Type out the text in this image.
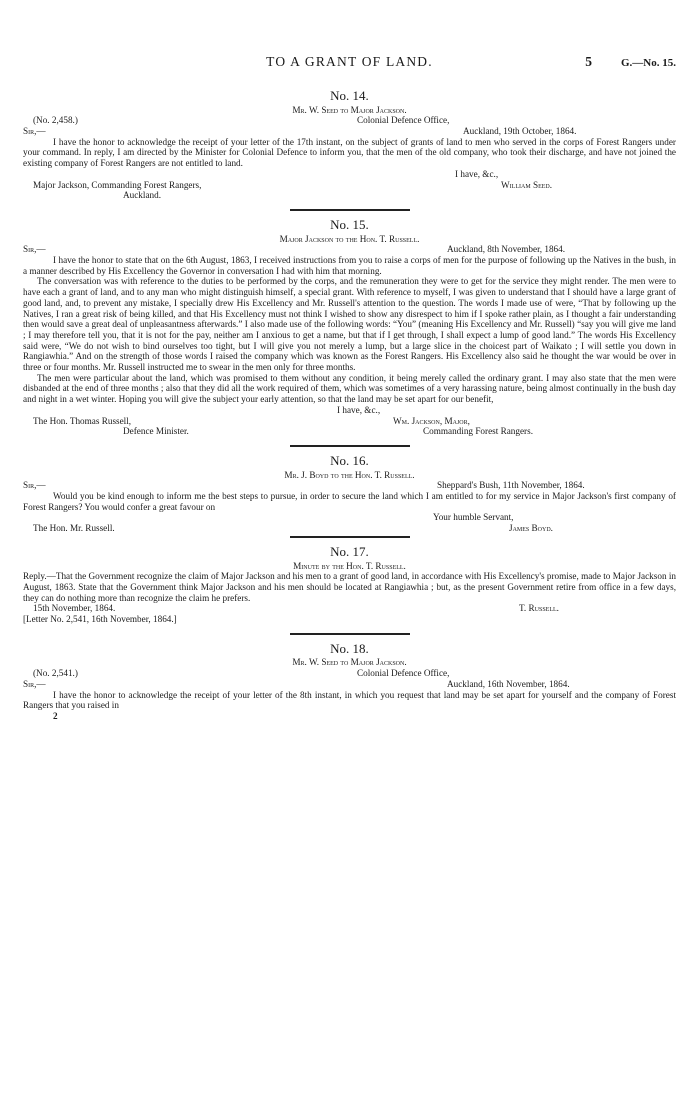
TO A GRANT OF LAND.	5	G.—No. 15.
No. 14.
Mr. W. Seed to Major Jackson.
(No. 2,458.)	Colonial Defence Office,
Sir,—	Auckland, 19th October, 1864.

I have the honor to acknowledge the receipt of your letter of the 17th instant, on the subject of grants of land to men who served in the corps of Forest Rangers under your command. In reply, I am directed by the Minister for Colonial Defence to inform you, that the men of the old company, who took their discharge, and have not joined the existing company of Forest Rangers are not entitled to land.

I have, &c.,
Major Jackson, Commanding Forest Rangers,	William Seed.
Auckland.
No. 15.
Major Jackson to the Hon. T. Russell.
Sir,—	Auckland, 8th November, 1864.

I have the honor to state that on the 6th August, 1863, I received instructions from you to raise a corps of men for the purpose of following up the Natives in the bush, in a manner described by His Excellency the Governor in conversation I had with him that morning.

The conversation was with reference to the duties to be performed by the corps, and the remuneration they were to get for the service they might render. The men were to have each a grant of land, and to any man who might distinguish himself, a special grant. With reference to myself, I was given to understand that I should have a large grant of good land, and, to prevent any mistake, I specially drew His Excellency and Mr. Russell's attention to the question. The words I made use of were, “That by following up the Natives, I ran a great risk of being killed, and that His Excellency must not think I wished to show any disrespect to him if I spoke rather plain, as I thought a fair understanding then would save a great deal of unpleasantness afterwards.” I also made use of the following words: “You” (meaning His Excellency and Mr. Russell) “say you will give me land ; I may therefore tell you, that it is not for the pay, neither am I anxious to get a name, but that if I get through, I shall expect a lump of good land.” The words His Excellency said were, “We do not wish to bind ourselves too tight, but I will give you not merely a lump, but a large slice in the choicest part of Waikato ; I will settle you down in Rangiawhia.” And on the strength of those words I raised the company which was known as the Forest Rangers. His Excellency also said he thought the war would be over in three or four months. Mr. Russell instructed me to swear in the men only for three months.

The men were particular about the land, which was promised to them without any condition, it being merely called the ordinary grant. I may also state that the men were disbanded at the end of three months ; also that they did all the work required of them, which was sometimes of a very harassing nature, being almost continually in the bush day and night in a wet winter. Hoping you will give the subject your early attention, so that the land may be set apart for our benefit,

I have, &c.,
The Hon. Thomas Russell,	Wm. Jackson, Major,
Defence Minister.	Commanding Forest Rangers.
No. 16.
Mr. J. Boyd to the Hon. T. Russell.
Sir,—	Sheppard's Bush, 11th November, 1864.

Would you be kind enough to inform me the best steps to pursue, in order to secure the land which I am entitled to for my service in Major Jackson's first company of Forest Rangers? You would confer a great favour on

Your humble Servant,
The Hon. Mr. Russell.	James Boyd.
No. 17.
Minute by the Hon. T. Russell.

Reply.—That the Government recognize the claim of Major Jackson and his men to a grant of good land, in accordance with His Excellency's promise, made to Major Jackson in August, 1863. State that the Government think Major Jackson and his men should be located at Rangiawhia ; but, as the present Government retire from office in a few days, they can do nothing more than recognize the claim he prefers.

15th November, 1864.	T. Russell.
[Letter No. 2,541, 16th November, 1864.]
No. 18.
Mr. W. Seed to Major Jackson.
(No. 2,541.)	Colonial Defence Office,
Sir,—	Auckland, 16th November, 1864.

I have the honor to acknowledge the receipt of your letter of the 8th instant, in which you request that land may be set apart for yourself and the company of Forest Rangers that you raised in

2
